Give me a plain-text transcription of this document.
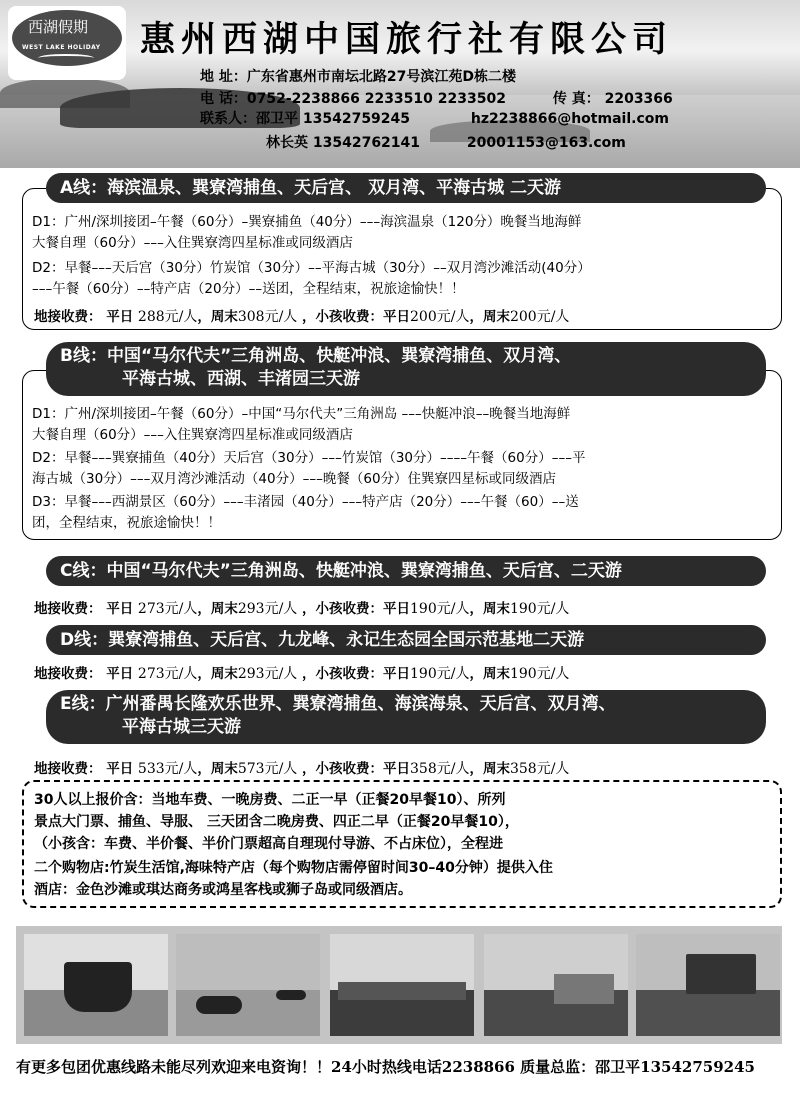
西湖假期
WEST LAKE HOLIDAY 惠州西湖中国旅行社有限公司
地 址：广东省惠州市南坛北路27号滨江苑D栋二楼
电 话：0752-2238866 2233510 2233502	传 真： 2203366
联系人：邵卫平 13542759245	hz2238866@hotmail.com
林长英 13542762141	20001153@163.com
A线：海滨温泉、巽寮湾捕鱼、天后宫、 双月湾、平海古城 二天游
D1：广州/深圳接团–午餐（60分）–巽寮捕鱼（40分）–––海滨温泉（120分）晚餐当地海鲜
大餐自理（60分）–––入住巽寮湾四星标准或同级酒店
D2：早餐–––天后宫（30分）竹炭馆（30分）––平海古城（30分）––双月湾沙滩活动(40分）
–––午餐（60分）––特产店（20分）––送团，全程结束，祝旅途愉快！！
地接收费： 平日 288元/人，周末308元/人 ，小孩收费：平日200元/人，周末200元/人
B线：中国“马尔代夫”三角洲岛、快艇冲浪、巽寮湾捕鱼、双月湾、
平海古城、西湖、丰渚园三天游
D1：广州/深圳接团–午餐（60分）–中国“马尔代夫”三角洲岛 –––快艇冲浪––晚餐当地海鲜
大餐自理（60分）–––入住巽寮湾四星标准或同级酒店
D2：早餐–––巽寮捕鱼（40分）天后宫（30分）–––竹炭馆（30分）––––午餐（60分）–––平
海古城（30分）–––双月湾沙滩活动（40分）–––晚餐（60分）住巽寮四星标或同级酒店
D3：早餐–––西湖景区（60分）–––丰渚园（40分）–––特产店（20分）–––午餐（60）––送
团，全程结束，祝旅途愉快！！
C线：中国“马尔代夫”三角洲岛、快艇冲浪、巽寮湾捕鱼、天后宫、二天游
地接收费： 平日 273元/人，周末293元/人 ，小孩收费：平日190元/人，周末190元/人
D线：巽寮湾捕鱼、天后宫、九龙峰、永记生态园全国示范基地二天游
地接收费： 平日 273元/人，周末293元/人 ，小孩收费：平日190元/人，周末190元/人
E线：广州番禺长隆欢乐世界、巽寮湾捕鱼、海滨海泉、天后宫、双月湾、
平海古城三天游
地接收费： 平日 533元/人，周末573元/人 ，小孩收费：平日358元/人，周末358元/人
30人以上报价含：当地车费、一晚房费、二正一早（正餐20早餐10）、所列
景点大门票、捕鱼、导服、 三天团含二晚房费、四正二早（正餐20早餐10），
（小孩含：车费、半价餐、半价门票超高自理现付导游、不占床位），全程进
二个购物店:竹炭生活馆,海味特产店（每个购物店需停留时间30–40分钟）提供入住
酒店：金色沙滩或琪达商务或鸿星客栈或狮子岛或同级酒店。
有更多包团优惠线路未能尽列欢迎来电资询！！24小时热线电话2238866 质量总监：邵卫平13542759245
